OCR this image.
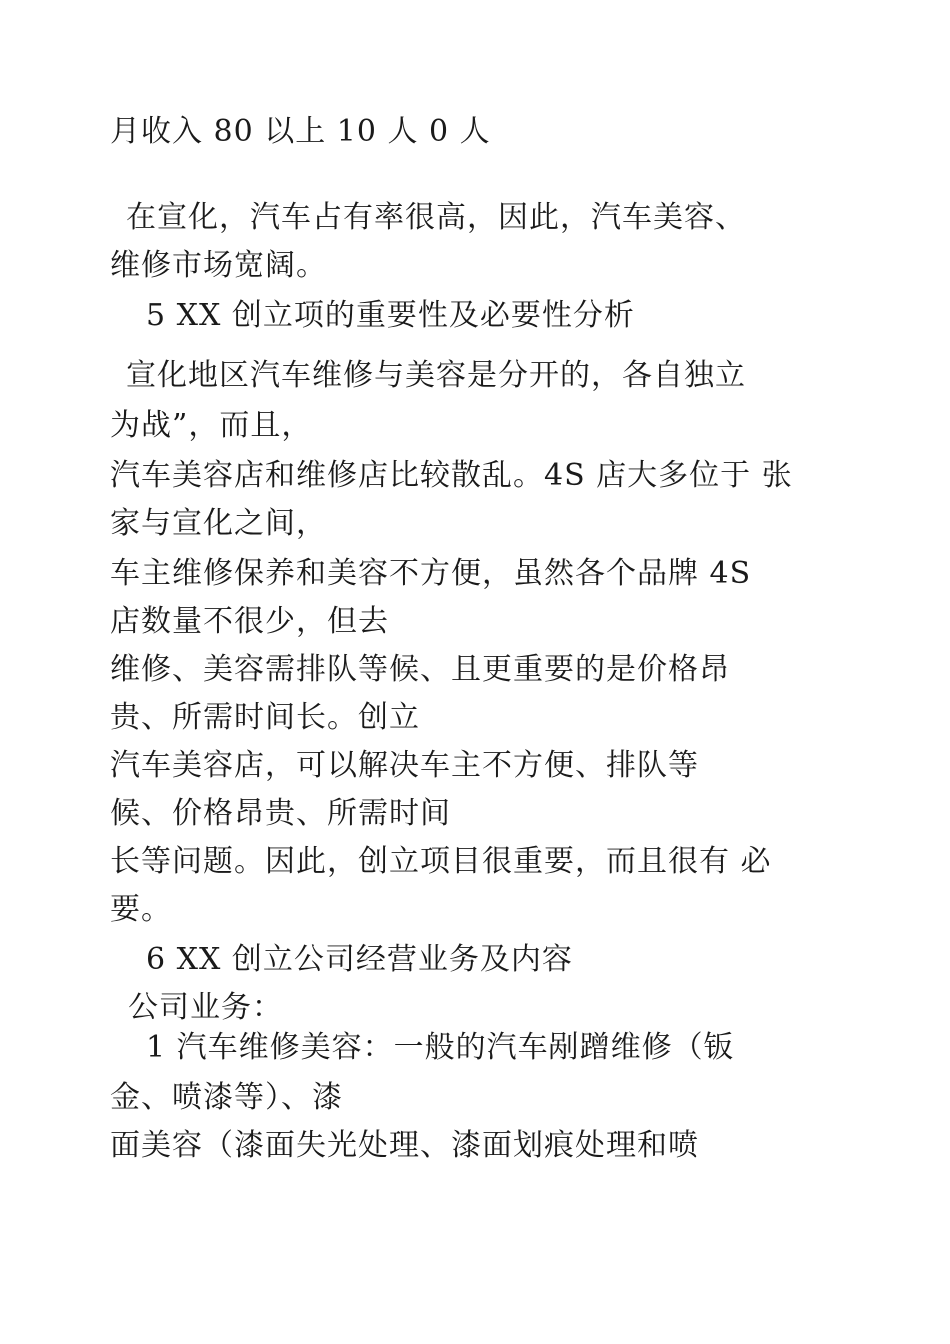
月收入 80 以上 10 人 0 人
在宣化，汽车占有率很高，因此，汽车美容、
维修市场宽阔。
5 XX 创立项的重要性及必要性分析
宣化地区汽车维修与美容是分开的，各自独立
为战”，而且，
汽车美容店和维修店比较散乱。4S 店大多位于 张
家与宣化之间，
车主维修保养和美容不方便，虽然各个品牌 4S
店数量不很少，但去
维修、美容需排队等候、且更重要的是价格昂
贵、所需时间长。创立
汽车美容店，可以解决车主不方便、排队等
候、价格昂贵、所需时间
长等问题。因此，创立项目很重要，而且很有 必
要。
6 XX 创立公司经营业务及内容
公司业务：
1 汽车维修美容：一般的汽车剐蹭维修（钣
金、喷漆等）、漆
面美容（漆面失光处理、漆面划痕处理和喷
